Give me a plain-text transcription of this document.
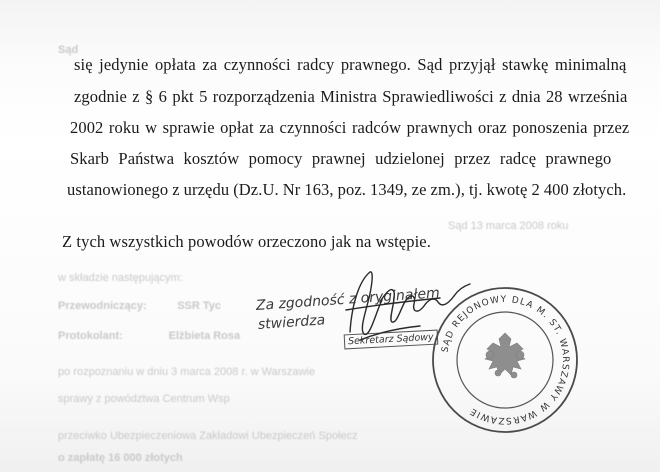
Sąd
Sąd 13 marca 2008 roku
w składzie następującym:
Przewodniczący:          SSR Tyc
Protokolant:               Elżbieta Rosa
po rozpoznaniu w dniu 3 marca 2008 r. w Warszawie
sprawy z powództwa Centrum Wsp
przeciwko Ubezpieczeniowa Zakładowi Ubezpieczeń Społecz
o zapłatę 16 000 złotych
się jedynie opłata za czynności radcy prawnego. Sąd przyjął stawkę minimalną
zgodnie z § 6 pkt 5 rozporządzenia Ministra Sprawiedliwości z dnia 28 września
2002 roku w sprawie opłat za czynności radców prawnych oraz ponoszenia przez
Skarb Państwa kosztów pomocy prawnej udzielonej przez radcę prawnego
ustanowionego z urzędu (Dz.U. Nr 163, poz. 1349, ze zm.), tj. kwotę 2 400 złotych.
Z tych wszystkich powodów orzeczono jak na wstępie.
Za zgodność z oryginałem
stwierdza
Sekretarz Sądowy
SĄD REJONOWY DLA M. ST. WARSZAWY W WARSZAWIE
